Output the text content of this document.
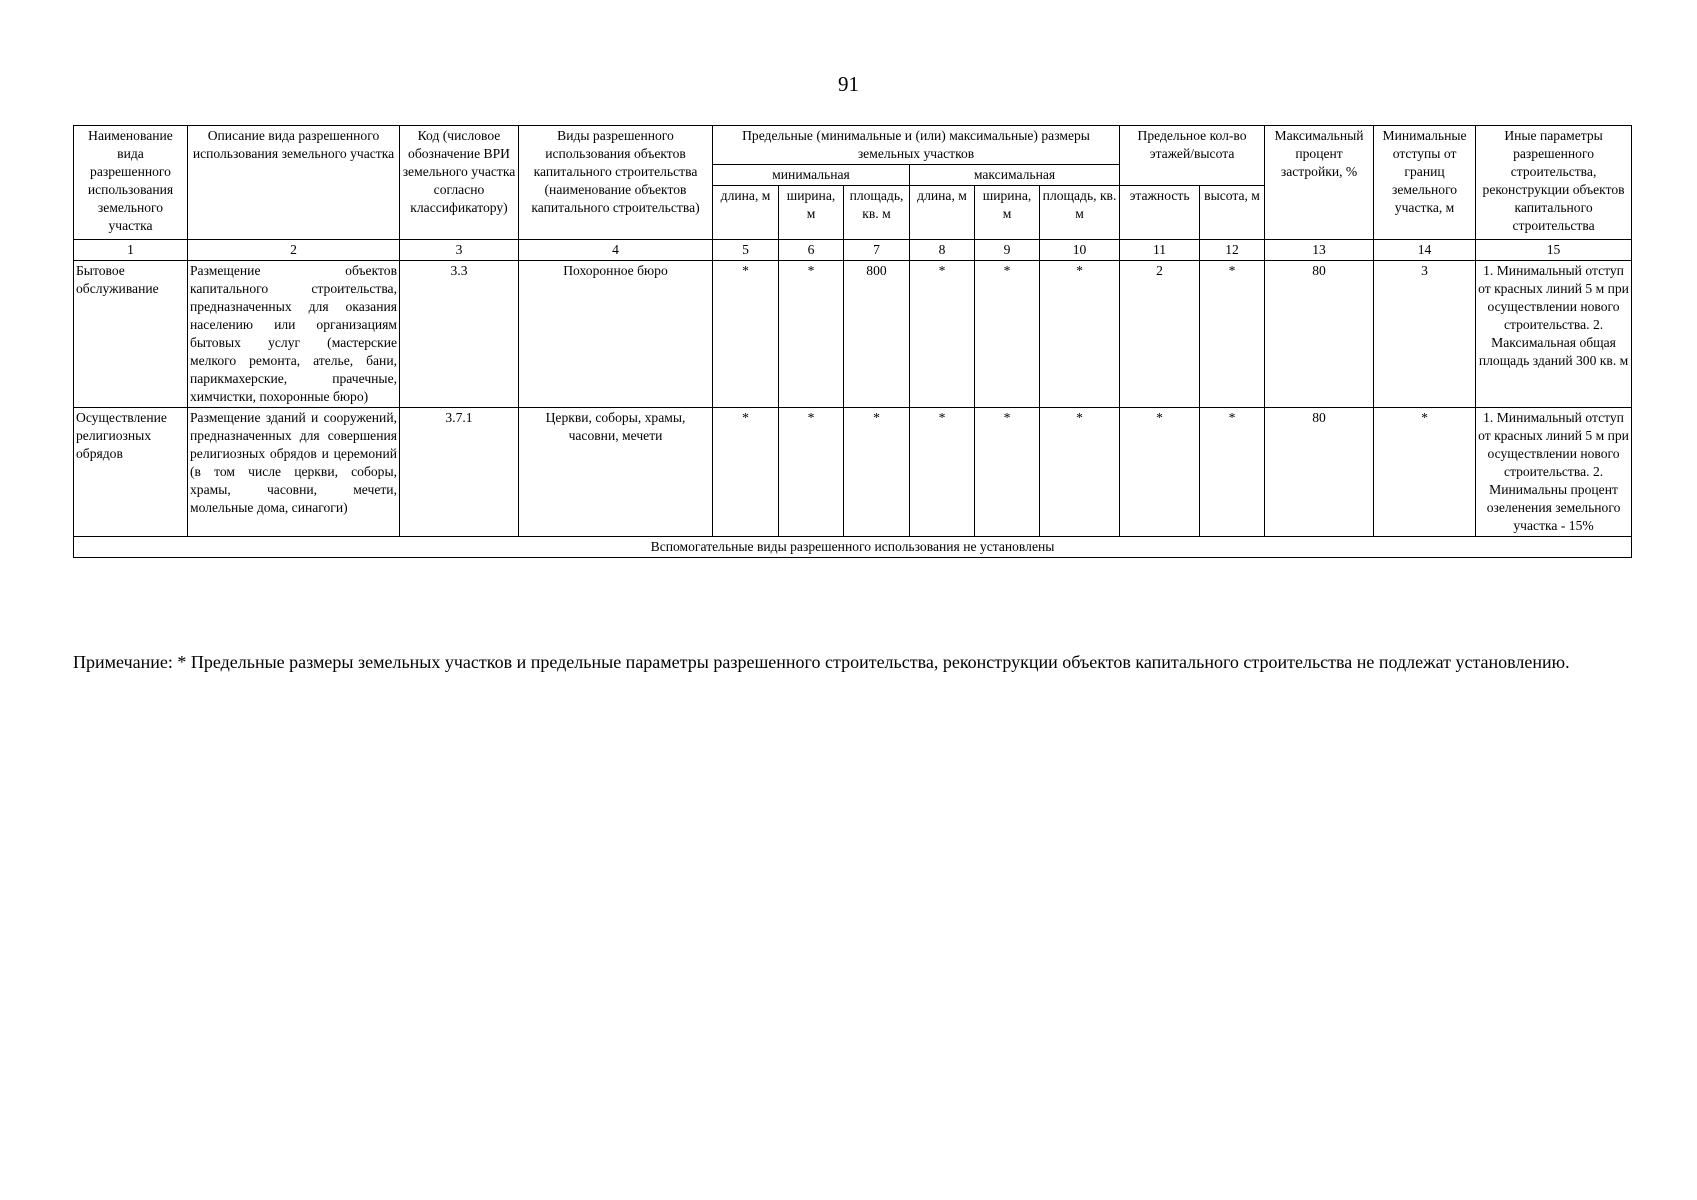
91
Наименование вида разрешенного использования земельного участка	Описание вида разрешенного использования земельного участка	Код (числовое обозначение ВРИ земельного участка согласно классификатору)	Виды разрешенного использования объектов капитального строительства (наименование объектов капитального строительства)	Предельные (минимальные и (или) максимальные) размеры земельных участков						Предельное кол-во этажей/высота		Максимальный процент застройки, %	Минимальные отступы от границ земельного участка, м	Иные параметры разрешенного строительства, реконструкции объектов капитального строительства
				минимальная			максимальная							
				длина, м	ширина, м	площадь, кв. м	длина, м	ширина, м	площадь, кв. м	этажность	высота, м			

1	2	3	4	5	6	7	8	9	10	11	12	13	14	15
Бытовое обслуживание	Размещение объектов капитального строительства, предназначенных для оказания населению или организациям бытовых услуг (мастерские мелкого ремонта, ателье, бани, парикмахерские, прачечные, химчистки, похоронные бюро)	3.3	Похоронное бюро	*	*	800	*	*	*	2	*	80	3	1. Минимальный отступ от красных линий 5 м при осуществлении нового строительства. 2. Максимальная общая площадь зданий 300 кв. м
Осуществление религиозных обрядов	Размещение зданий и сооружений, предназначенных для совершения религиозных обрядов и церемоний (в том числе церкви, соборы, храмы, часовни, мечети, молельные дома, синагоги)	3.7.1	Церкви, соборы, храмы, часовни, мечети	*	*	*	*	*	*	*	*	80	*	1. Минимальный отступ от красных линий 5 м при осуществлении нового строительства. 2. Минимальны процент озеленения земельного участка - 15%
Вспомогательные виды разрешенного использования не установлены														
Примечание: * Предельные размеры земельных участков и предельные параметры разрешенного строительства, реконструкции объектов капитального строительства не подлежат установлению.
